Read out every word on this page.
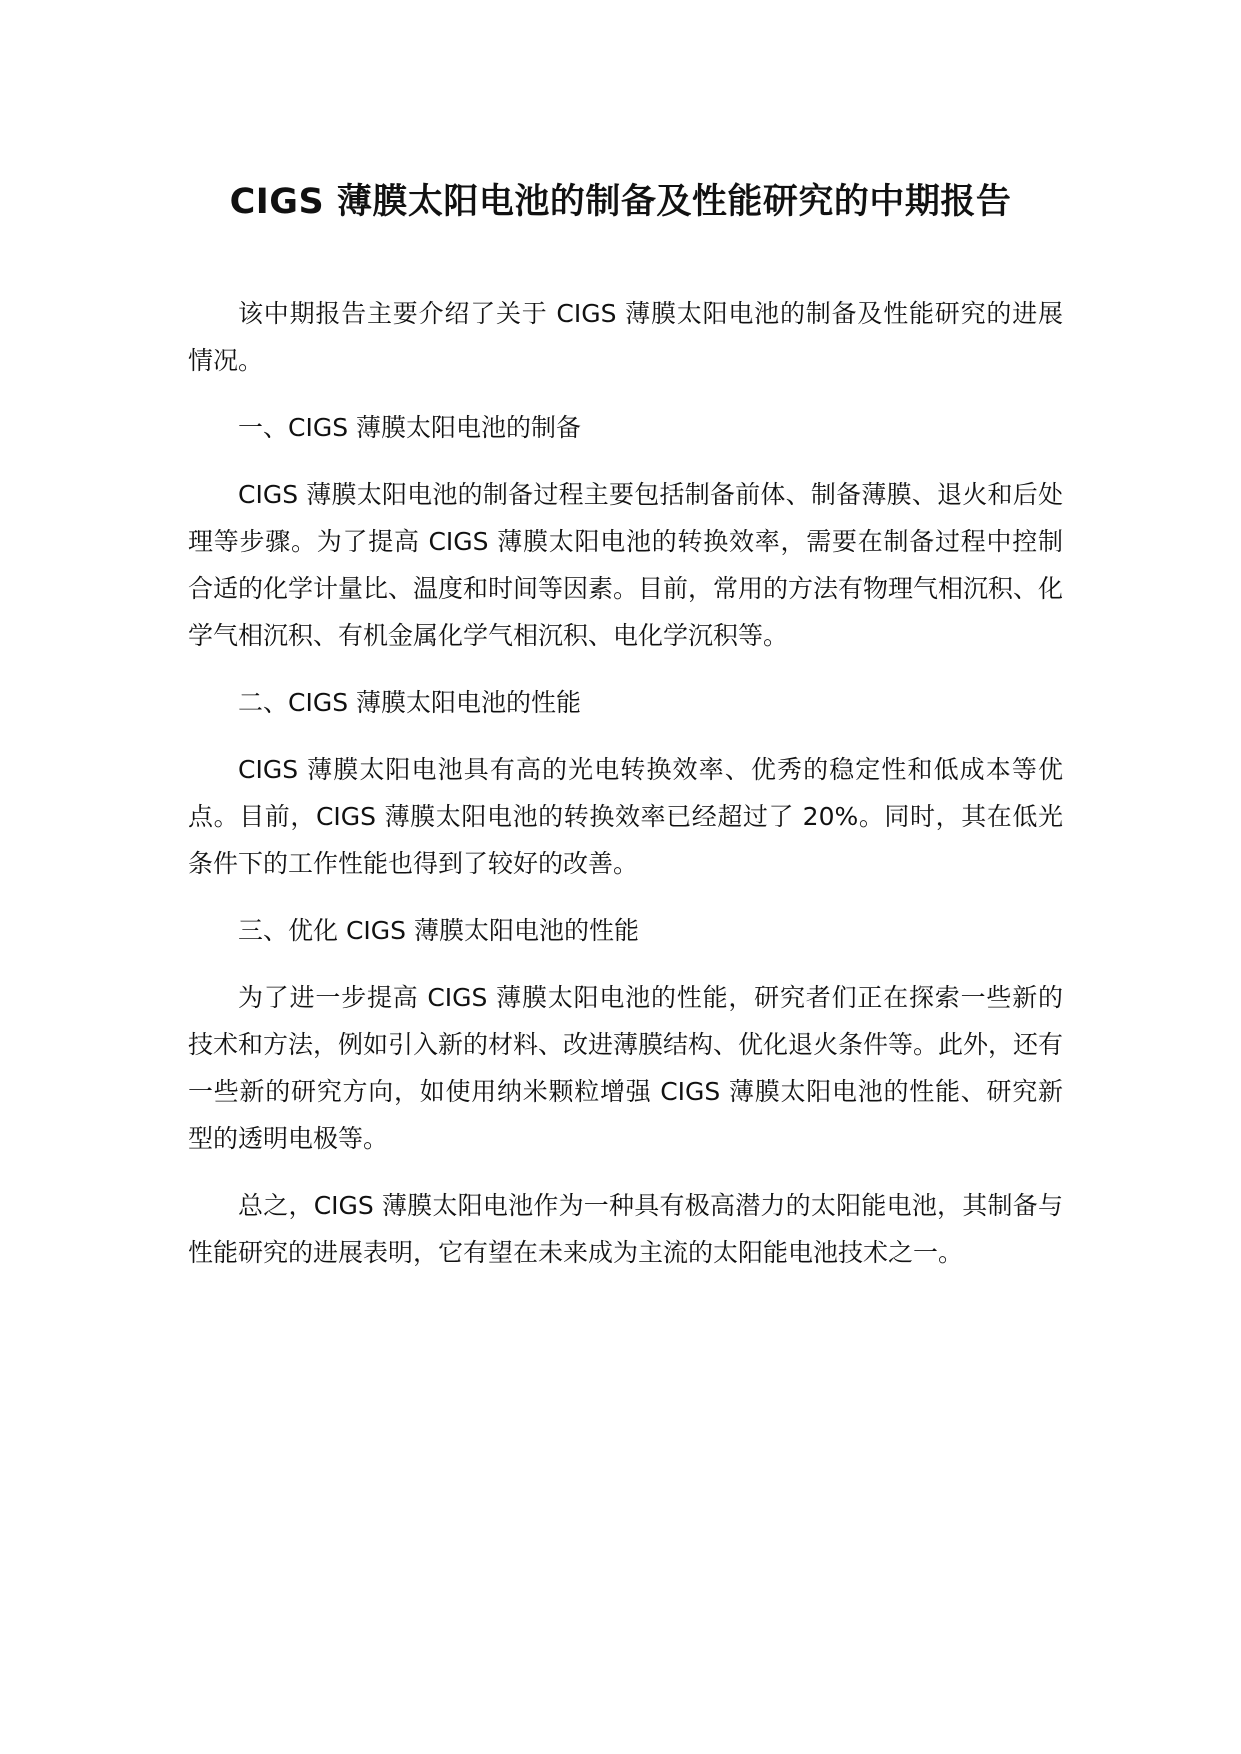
CIGS 薄膜太阳电池的制备及性能研究的中期报告

该中期报告主要介绍了关于 CIGS 薄膜太阳电池的制备及性能研究的进展情况。

一、CIGS 薄膜太阳电池的制备

CIGS 薄膜太阳电池的制备过程主要包括制备前体、制备薄膜、退火和后处理等步骤。为了提高 CIGS 薄膜太阳电池的转换效率，需要在制备过程中控制合适的化学计量比、温度和时间等因素。目前，常用的方法有物理气相沉积、化学气相沉积、有机金属化学气相沉积、电化学沉积等。

二、CIGS 薄膜太阳电池的性能

CIGS 薄膜太阳电池具有高的光电转换效率、优秀的稳定性和低成本等优点。目前，CIGS 薄膜太阳电池的转换效率已经超过了 20%。同时，其在低光条件下的工作性能也得到了较好的改善。

三、优化 CIGS 薄膜太阳电池的性能

为了进一步提高 CIGS 薄膜太阳电池的性能，研究者们正在探索一些新的技术和方法，例如引入新的材料、改进薄膜结构、优化退火条件等。此外，还有一些新的研究方向，如使用纳米颗粒增强 CIGS 薄膜太阳电池的性能、研究新型的透明电极等。

总之，CIGS 薄膜太阳电池作为一种具有极高潜力的太阳能电池，其制备与性能研究的进展表明，它有望在未来成为主流的太阳能电池技术之一。
